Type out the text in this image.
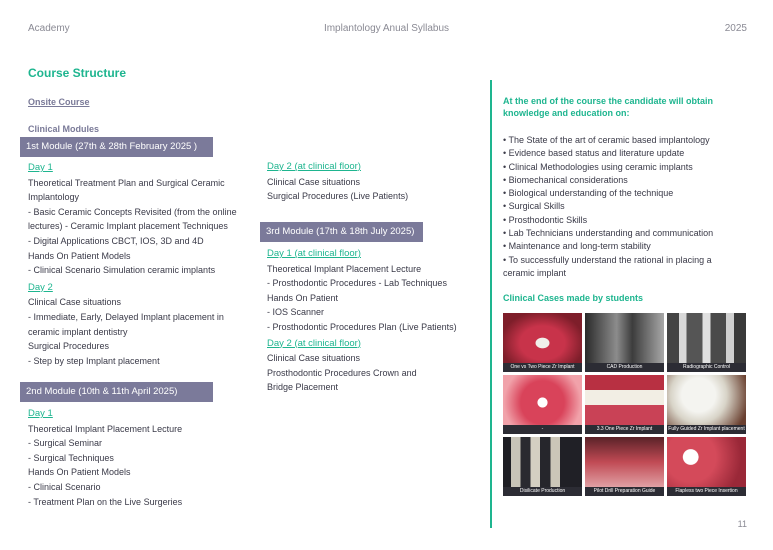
Academy	Implantology Anual Syllabus	2025
Course Structure
Onsite Course
Clinical Modules
1st Module (27th & 28th February 2025 )
Day 1
Theoretical Treatment Plan and Surgical Ceramic
Implantology
- Basic Ceramic Concepts Revisited (from the online
lectures) - Ceramic Implant placement Techniques
- Digital Applications CBCT, IOS, 3D and 4D
Hands On Patient Models
- Clinical Scenario Simulation ceramic implants
Day 2
Clinical Case situations
- Immediate, Early, Delayed Implant placement in
ceramic implant dentistry
Surgical Procedures
- Step by step Implant placement
Day 2 (at clinical floor)
Clinical Case situations
Surgical Procedures (Live Patients)
2nd Module (10th & 11th April 2025)
Day 1
Theoretical Implant Placement Lecture
- Surgical Seminar
- Surgical Techniques
Hands On Patient Models
- Clinical Scenario
- Treatment Plan on the Live Surgeries
3rd Module (17th & 18th July 2025)
Day 1 (at clinical floor)
Theoretical Implant Placement Lecture
- Prosthodontic Procedures - Lab Techniques
Hands On Patient
- IOS Scanner
- Prosthodontic Procedures Plan (Live Patients)
Day 2 (at clinical floor)
Clinical Case situations
Prosthodontic Procedures Crown and
Bridge Placement
At the end of the course the candidate will obtain knowledge and education on:
• The State of the art of ceramic based implantology
• Evidence based status and literature update
• Clinical Methodologies using ceramic implants
• Biomechanical considerations
• Biological understanding of the technique
• Surgical Skills
• Prosthodontic Skills
• Lab Technicians understanding and communication
• Maintenance and long-term stability
• To successfully understand the rational in placing a
ceramic implant
Clinical Cases made by students
One vs Two Piece Zr Implant	CAD Production	Radiographic Control
-	3.3 One Piece Zr Implant	Fully Guided Zr Implant placement
Disilicate Production	Pilot Drill Preparation Guide	Flapless two Piece Insertion
11
